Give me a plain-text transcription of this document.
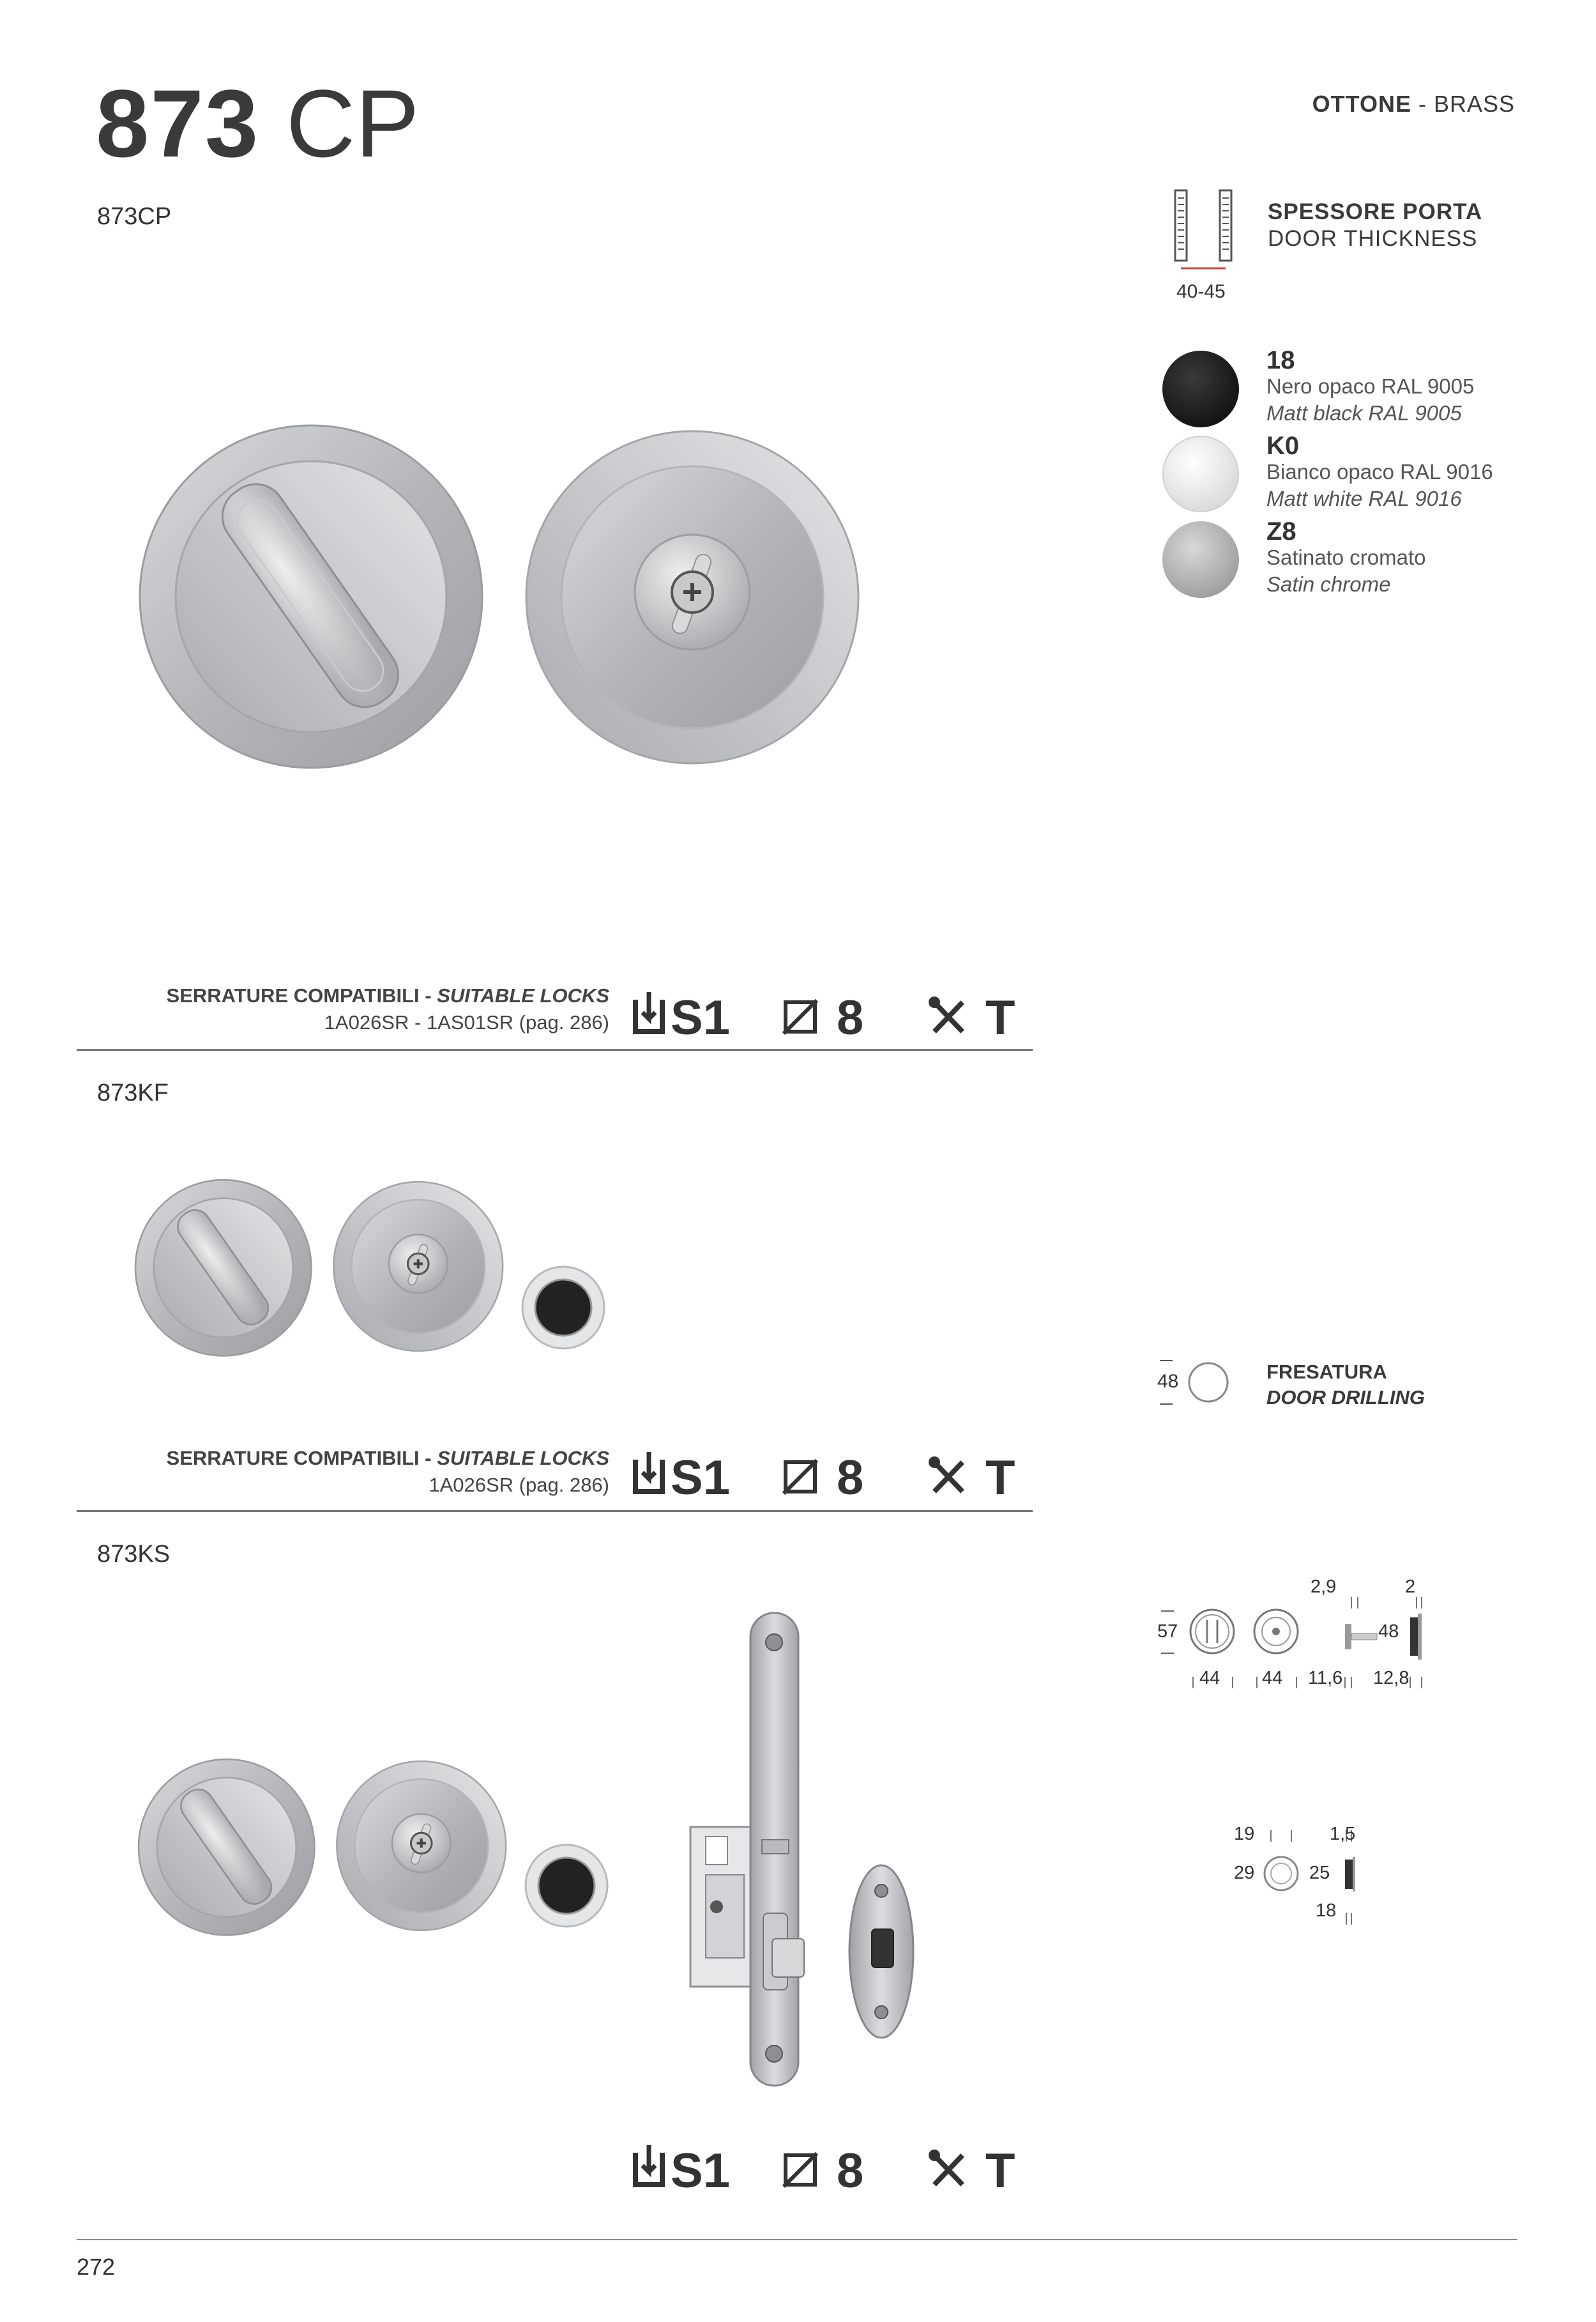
873 CP	OTTONE - BRASS
873CP
40-45
SPESSORE PORTA
DOOR THICKNESS
18
Nero opaco RAL 9005
Matt black RAL 9005
K0
Bianco opaco RAL 9016
Matt white RAL 9016
Z8
Satinato cromato
Satin chrome
SERRATURE COMPATIBILI - SUITABLE LOCKS
1A026SR - 1AS01SR (pag. 286) S1 8	T
873KF
48	FRESATURA
DOOR DRILLING
SERRATURE COMPATIBILI - SUITABLE LOCKS
1A026SR (pag. 286) S1 8	T
873KS
57
44 44 11,6
2,9	2
48
12,8
19
29	25
1,5
18
S1 8	T
272
